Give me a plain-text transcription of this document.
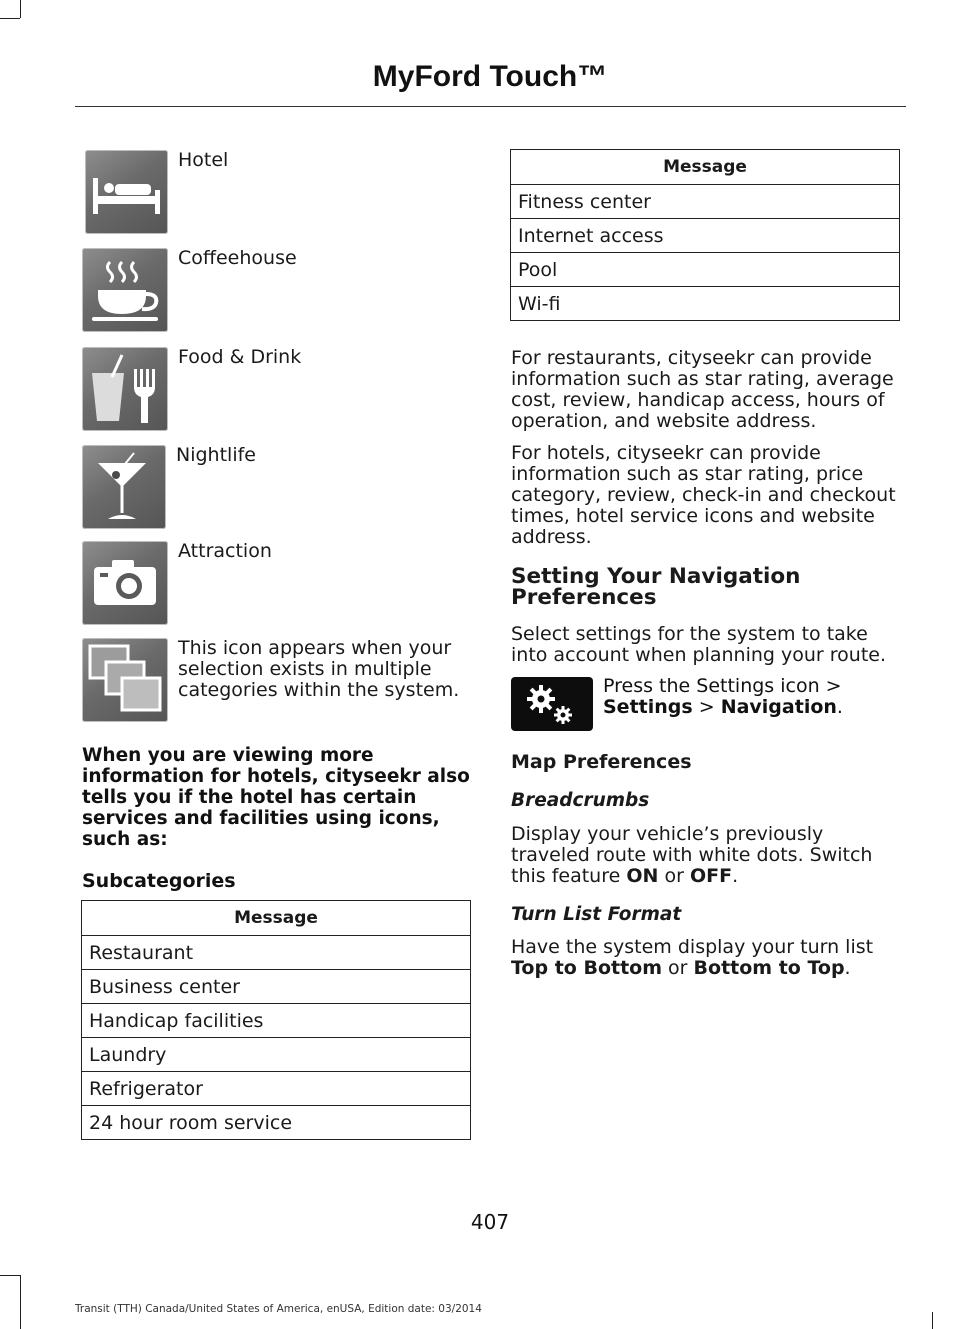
MyFord Touch™
Hotel
Coffeehouse
Food & Drink
Nightlife
Attraction
This icon appears when your selection exists in multiple categories within the system.
When you are viewing more information for hotels, cityseekr also tells you if the hotel has certain services and facilities using icons, such as:
Subcategories
Message
Restaurant
Business center
Handicap facilities
Laundry
Refrigerator
24 hour room service
Message
Fitness center
Internet access
Pool
Wi-fi
For restaurants, cityseekr can provide information such as star rating, average cost, review, handicap access, hours of operation, and website address.
For hotels, cityseekr can provide information such as star rating, price category, review, check-in and checkout times, hotel service icons and website address.
Setting Your Navigation Preferences
Select settings for the system to take into account when planning your route.
Press the Settings icon >
Settings > Navigation.
Map Preferences
Breadcrumbs
Display your vehicle’s previously traveled route with white dots. Switch this feature ON or OFF.
Turn List Format
Have the system display your turn list Top to Bottom or Bottom to Top.
407
Transit (TTH) Canada/United States of America, enUSA, Edition date: 03/2014
